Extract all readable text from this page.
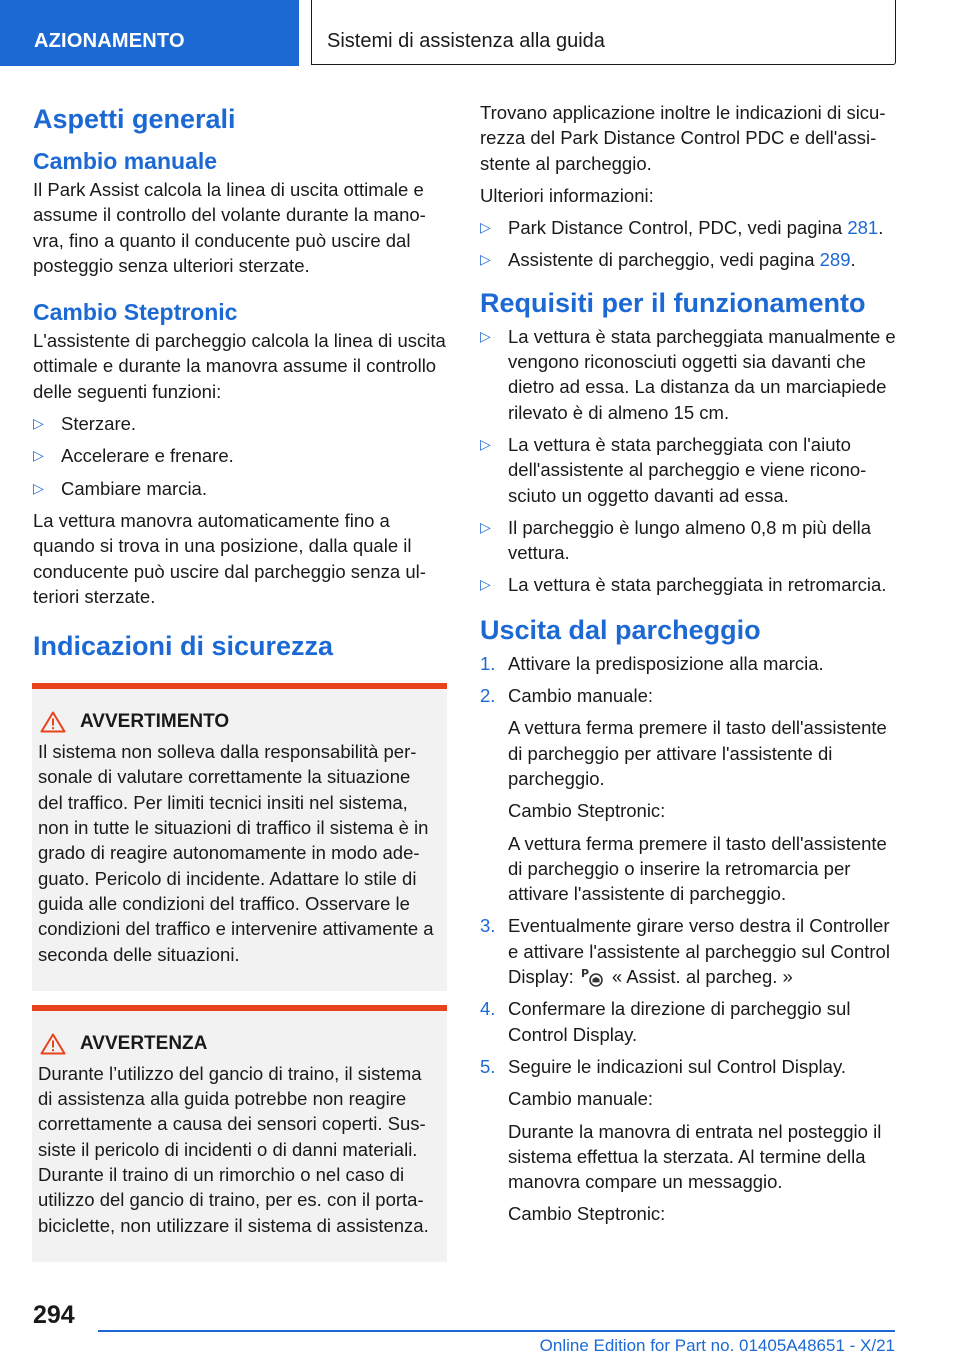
AZIONAMENTO	Sistemi di assistenza alla guida
Aspetti generali
Cambio manuale

Il Park Assist calcola la linea di uscita ottimale e assume il controllo del volante durante la manovra, fino a quanto il conducente può uscire dal posteggio senza ulteriori sterzate.

Cambio Steptronic

L'assistente di parcheggio calcola la linea di uscita ottimale e durante la manovra assume il controllo delle seguenti funzioni:

▷ Sterzare.
▷ Accelerare e frenare.
▷ Cambiare marcia.

La vettura manovra automaticamente fino a quando si trova in una posizione, dalla quale il conducente può uscire dal parcheggio senza ulteriori sterzate.

Indicazioni di sicurezza
AVVERTIMENTO

Il sistema non solleva dalla responsabilità personale di valutare correttamente la situazione del traffico. Per limiti tecnici insiti nel sistema, non in tutte le situazioni di traffico il sistema è in grado di reagire autonomamente in modo adeguato. Pericolo di incidente. Adattare lo stile di guida alle condizioni del traffico. Osservare le condizioni del traffico e intervenire attivamente a seconda delle situazioni.

AVVERTENZA

Durante l’utilizzo del gancio di traino, il sistema di assistenza alla guida potrebbe non reagire correttamente a causa dei sensori coperti. Sussiste il pericolo di incidenti o di danni materiali. Durante il traino di un rimorchio o nel caso di utilizzo del gancio di traino, per es. con il portabiciclette, non utilizzare il sistema di assistenza.

Trovano applicazione inoltre le indicazioni di sicurezza del Park Distance Control PDC e dell'assistente al parcheggio.

Ulteriori informazioni:

▷ Park Distance Control, PDC, vedi pagina 281.
▷ Assistente di parcheggio, vedi pagina 289.
Requisiti per il funzionamento
▷ La vettura è stata parcheggiata manualmente e vengono riconosciuti oggetti sia davanti che dietro ad essa. La distanza da un marciapiede rilevato è di almeno 15 cm.
▷ La vettura è stata parcheggiata con l'aiuto dell'assistente al parcheggio e viene riconosciuto un oggetto davanti ad essa.
▷ Il parcheggio è lungo almeno 0,8 m più della vettura.
▷ La vettura è stata parcheggiata in retromarcia.
Uscita dal parcheggio
1. Attivare la predisposizione alla marcia.
2. Cambio manuale:
A vettura ferma premere il tasto dell'assistente di parcheggio per attivare l'assistente di parcheggio.
Cambio Steptronic:
A vettura ferma premere il tasto dell'assistente di parcheggio o inserire la retromarcia per attivare l'assistente di parcheggio.
3. Eventualmente girare verso destra il Controller e attivare l'assistente al parcheggio sul Control Display: P « Assist. al parcheg. »
4. Confermare la direzione di parcheggio sul Control Display.
5. Seguire le indicazioni sul Control Display.
Cambio manuale:
Durante la manovra di entrata nel posteggio il sistema effettua la sterzata. Al termine della manovra compare un messaggio.
Cambio Steptronic:
294
Online Edition for Part no. 01405A48651 - X/21
